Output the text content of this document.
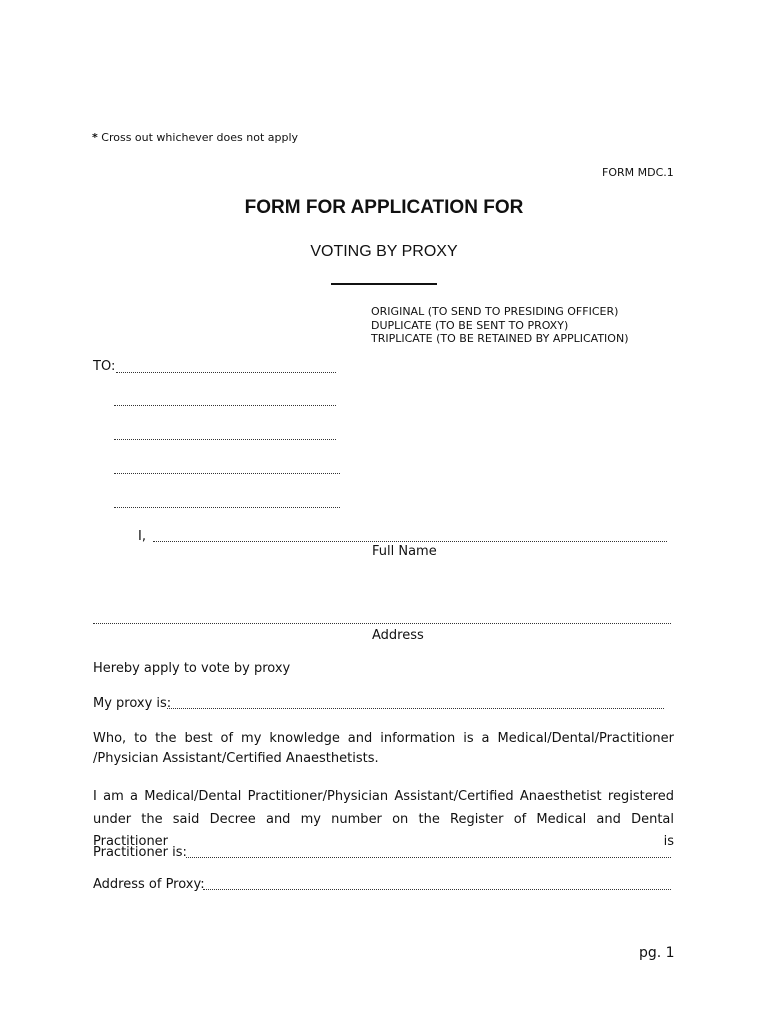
* Cross out whichever does not apply
FORM MDC.1
FORM FOR APPLICATION FOR
VOTING BY PROXY
ORIGINAL (TO SEND TO PRESIDING OFFICER)
DUPLICATE (TO BE SENT TO PROXY)
TRIPLICATE (TO BE RETAINED BY APPLICATION)
TO:
I,
Full Name
Address
Hereby apply to vote by proxy
My proxy is:
Who, to the best of my knowledge and information is a Medical/Dental/Practitioner
/Physician Assistant/Certified Anaesthetists.
I am a Medical/Dental Practitioner/Physician Assistant/Certified Anaesthetist registered
under the said Decree and my number on the Register of Medical and Dental Practitioner is
Practitioner is:
Address of Proxy:
pg. 1
